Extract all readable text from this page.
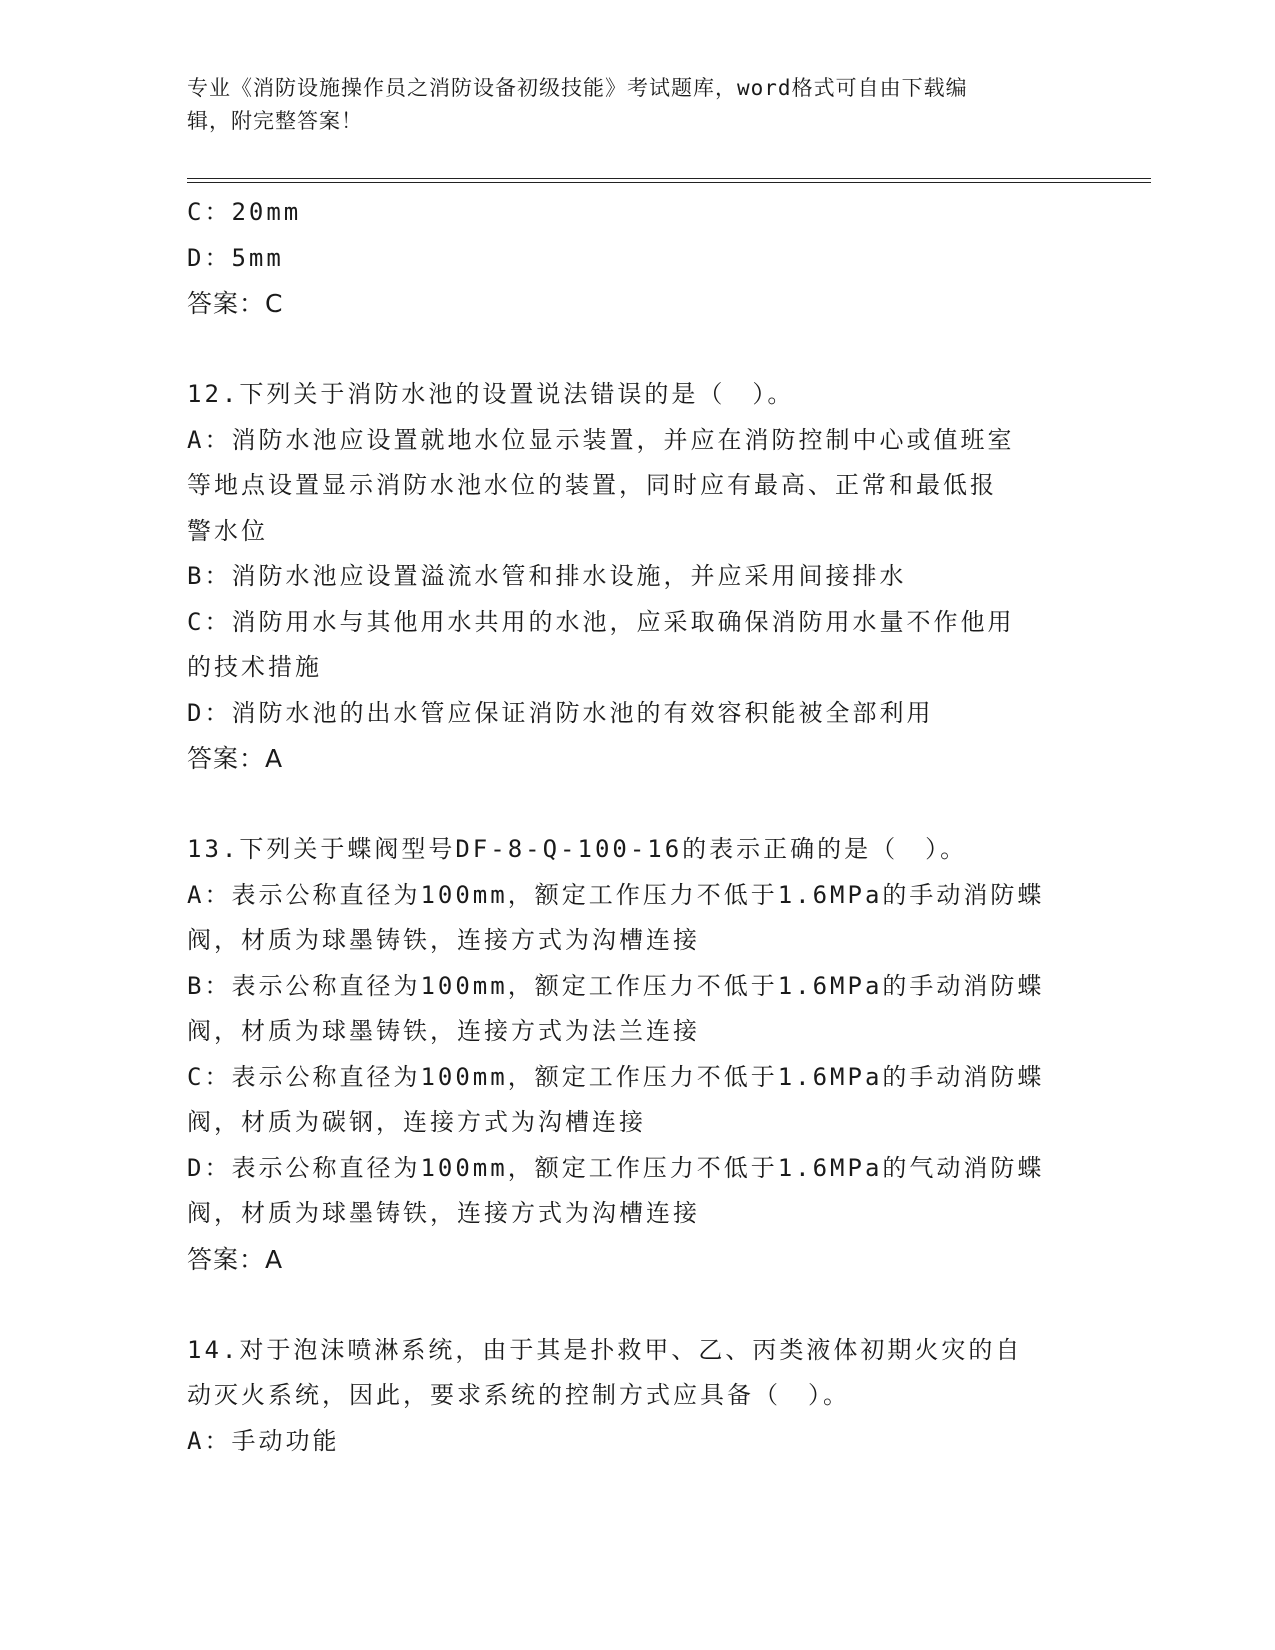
专业《消防设施操作员之消防设备初级技能》考试题库，word格式可自由下载编
辑，附完整答案！
C：20mm
D：5mm
答案：C
12.下列关于消防水池的设置说法错误的是（　）。
A：消防水池应设置就地水位显示装置，并应在消防控制中心或值班室
等地点设置显示消防水池水位的装置，同时应有最高、正常和最低报
警水位
B：消防水池应设置溢流水管和排水设施，并应采用间接排水
C：消防用水与其他用水共用的水池，应采取确保消防用水量不作他用
的技术措施
D：消防水池的出水管应保证消防水池的有效容积能被全部利用
答案：A
13.下列关于蝶阀型号DF-8-Q-100-16的表示正确的是（　）。
A：表示公称直径为100mm，额定工作压力不低于1.6MPa的手动消防蝶
阀，材质为球墨铸铁，连接方式为沟槽连接
B：表示公称直径为100mm，额定工作压力不低于1.6MPa的手动消防蝶
阀，材质为球墨铸铁，连接方式为法兰连接
C：表示公称直径为100mm，额定工作压力不低于1.6MPa的手动消防蝶
阀，材质为碳钢，连接方式为沟槽连接
D：表示公称直径为100mm，额定工作压力不低于1.6MPa的气动消防蝶
阀，材质为球墨铸铁，连接方式为沟槽连接
答案：A
14.对于泡沫喷淋系统，由于其是扑救甲、乙、丙类液体初期火灾的自
动灭火系统，因此，要求系统的控制方式应具备（　）。
A：手动功能
